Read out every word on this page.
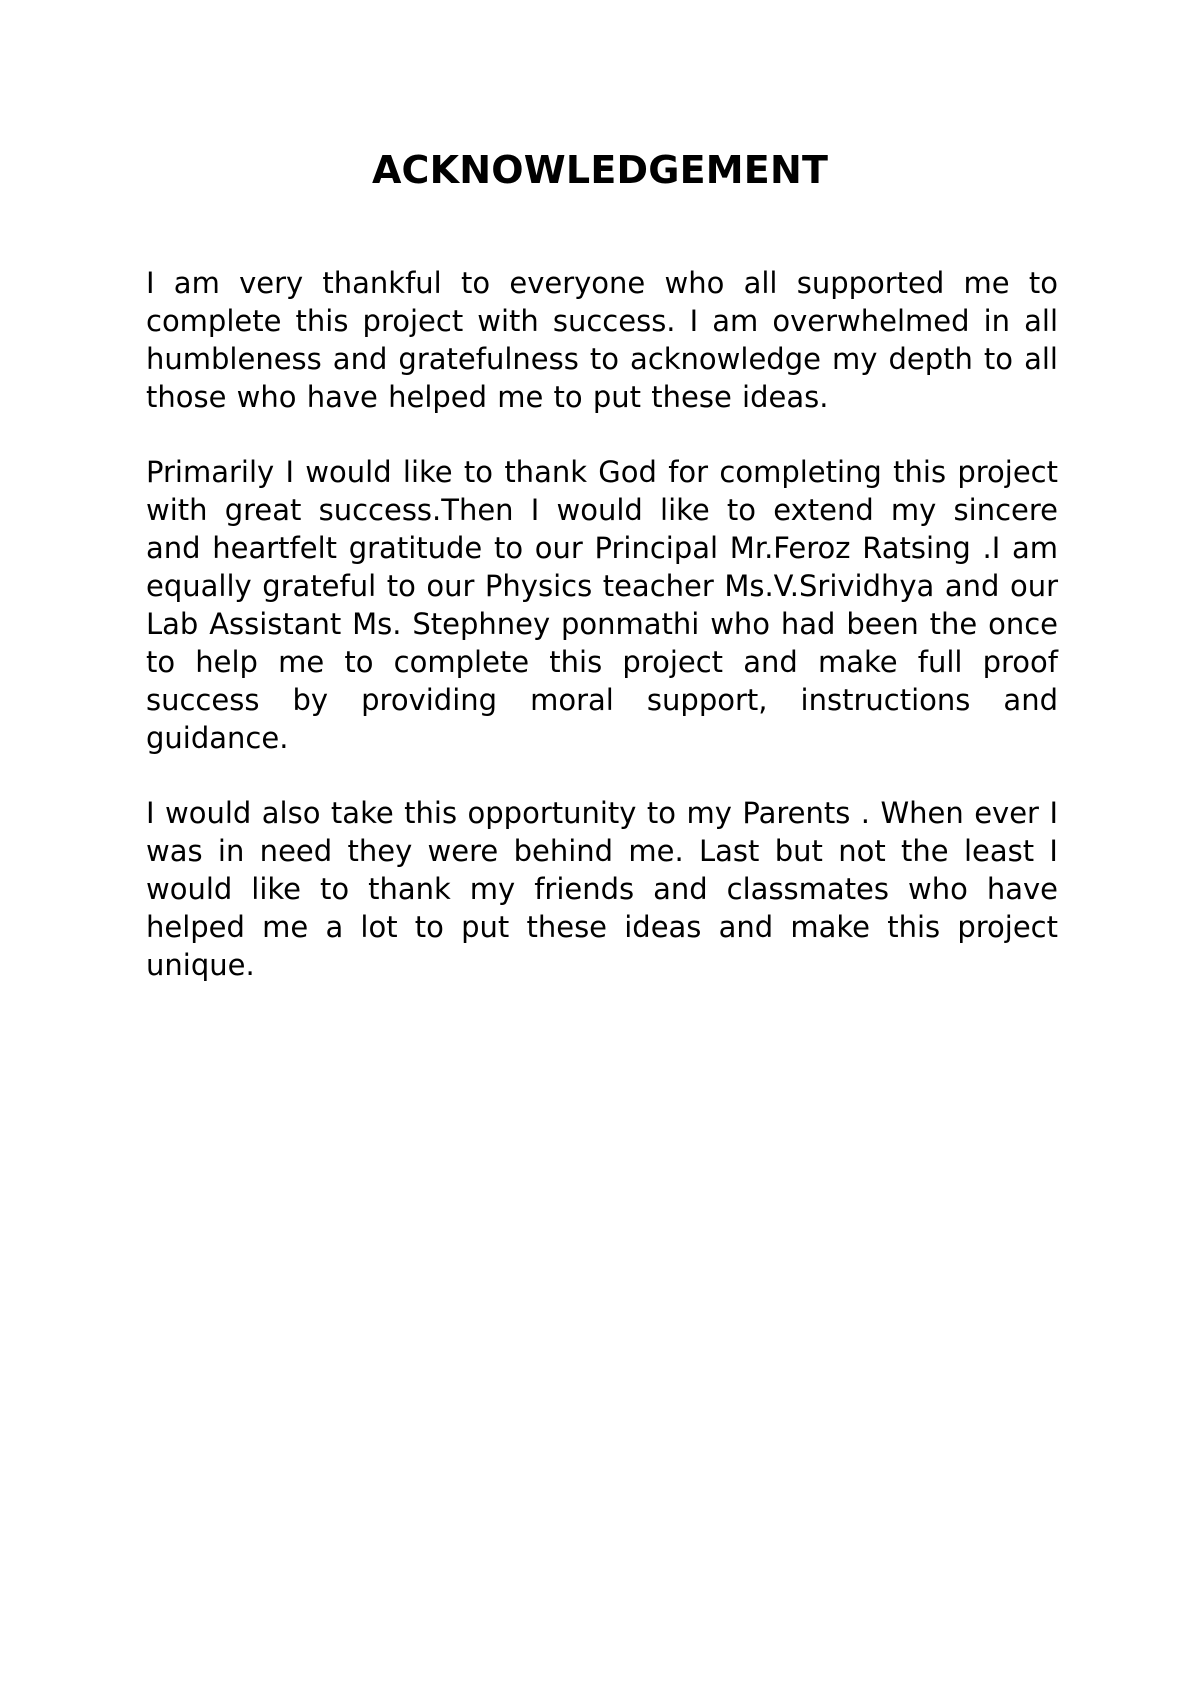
ACKNOWLEDGEMENT

I am very thankful to everyone who all supported me to complete this project with success. I am overwhelmed in all humbleness and gratefulness to acknowledge my depth to all those who have helped me to put these ideas.

Primarily I would like to thank God for completing this project with great success.Then I would like to extend my sincere and heartfelt gratitude to our Principal Mr.Feroz Ratsing .I am equally grateful to our Physics teacher Ms.V.Srividhya and our Lab Assistant Ms. Stephney ponmathi who had been the once to help me to complete this project and make full proof success by providing moral support, instructions and guidance.

I would also take this opportunity to my Parents . When ever I was in need they were behind me. Last but not the least I would like to thank my friends and classmates who have helped me a lot to put these ideas and make this project unique.
